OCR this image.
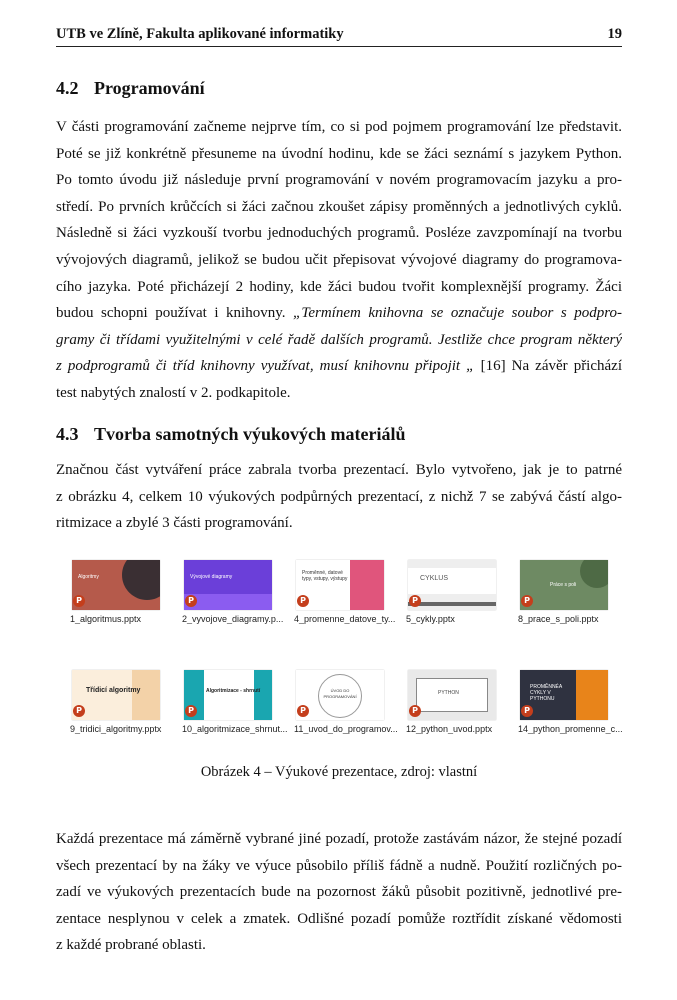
UTB ve Zlíně, Fakulta aplikované informatiky	19
4.2 Programování
V části programování začneme nejprve tím, co si pod pojmem programování lze představit.
Poté se již konkrétně přesuneme na úvodní hodinu, kde se žáci seznámí s jazykem Python.
Po tomto úvodu již následuje první programování v novém programovacím jazyku a pro-
středí. Po prvních krůčcích si žáci začnou zkoušet zápisy proměnných a jednotlivých cyklů.
Následně si žáci vyzkouší tvorbu jednoduchých programů. Posléze zavzpomínají na tvorbu
vývojových diagramů, jelikož se budou učit přepisovat vývojové diagramy do programova-
cího jazyka. Poté přicházejí 2 hodiny, kde žáci budou tvořit komplexnější programy. Žáci
budou schopni používat i knihovny. „Termínem knihovna se označuje soubor s podpro-
gramy či třídami využitelnými v celé řadě dalších programů. Jestliže chce program některý
z podprogramů či tříd knihovny využívat, musí knihovnu připojit „ [16] Na závěr přichází
test nabytých znalostí v 2. podkapitole.
4.3 Tvorba samotných výukových materiálů
Značnou část vytváření práce zabrala tvorba prezentací. Bylo vytvořeno, jak je to patrné
z obrázku 4, celkem 10 výukových podpůrných prezentací, z nichž 7 se zabývá částí algo-
ritmizace a zbylé 3 části programování.
Algoritmy
P
1_algoritmus.pptx
Vývojové diagramy
P
2_vyvojove_diagramy.p...
Proměnné, datové typy, vstupy, výstupy
P
4_promenne_datove_ty...
CYKLUS
P
5_cykly.pptx
Práce s poli
P
8_prace_s_poli.pptx
Třídicí algoritmy
P
9_tridici_algoritmy.pptx
Algoritmizace - shrnutí
P
10_algoritmizace_shrnut...
ÚVOD DO PROGRAMOVÁNÍ
P
11_uvod_do_programov...
PYTHON
P
12_python_uvod.pptx
PROMĚNNÉA CYKLY V PYTHONU
P
14_python_promenne_c...
Obrázek 4 – Výukové prezentace, zdroj: vlastní
Každá prezentace má záměrně vybrané jiné pozadí, protože zastávám názor, že stejné pozadí
všech prezentací by na žáky ve výuce působilo příliš fádně a nudně. Použití rozličných po-
zadí ve výukových prezentacích bude na pozornost žáků působit pozitivně, jednotlivé pre-
zentace nesplynou v celek a zmatek. Odlišné pozadí pomůže roztřídit získané vědomosti
z každé probrané oblasti.
